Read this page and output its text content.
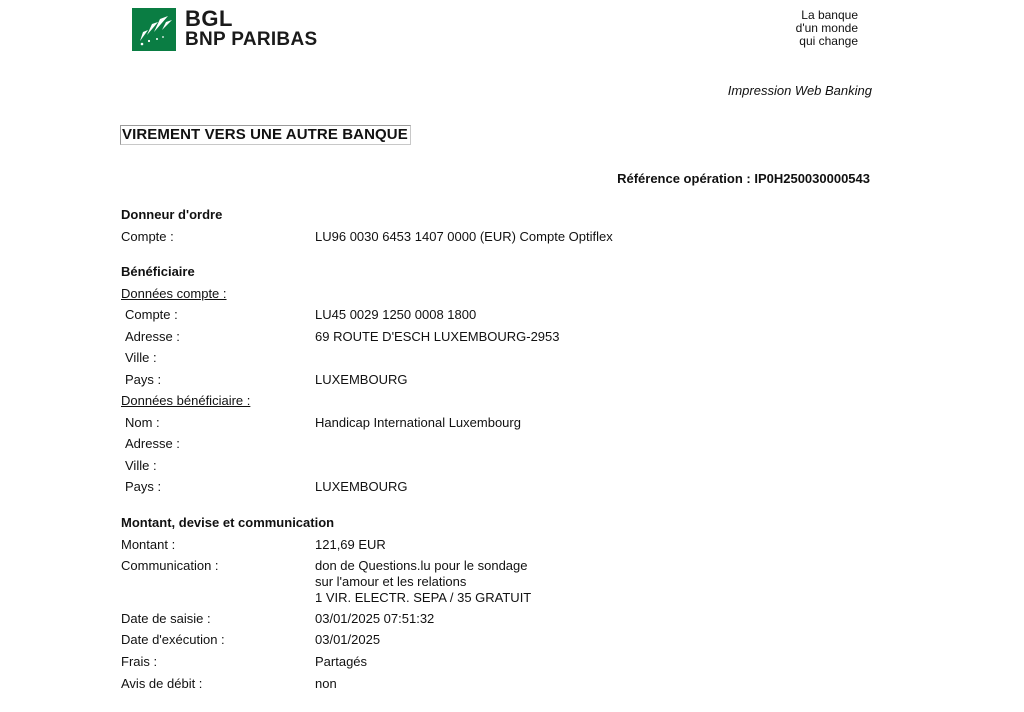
BGL
BNP PARIBAS
La banque
d'un monde
qui change
Impression Web Banking
VIREMENT VERS UNE AUTRE BANQUE
Référence opération : IP0H250030000543
Donneur d'ordre
Compte :	LU96 0030 6453 1407 0000 (EUR) Compte Optiflex
Bénéficiaire
Données compte :
Compte :	LU45 0029 1250 0008 1800
Adresse :	69 ROUTE D'ESCH LUXEMBOURG-2953
Ville :
Pays :	LUXEMBOURG
Données bénéficiaire :
Nom :	Handicap International Luxembourg
Adresse :
Ville :
Pays :	LUXEMBOURG
Montant, devise et communication
Montant :	121,69 EUR
Communication :	don de Questions.lu pour le sondage
sur l'amour et les relations
1 VIR. ELECTR. SEPA / 35 GRATUIT
Date de saisie :	03/01/2025 07:51:32
Date d'exécution :	03/01/2025
Frais :	Partagés
Avis de débit :	non
